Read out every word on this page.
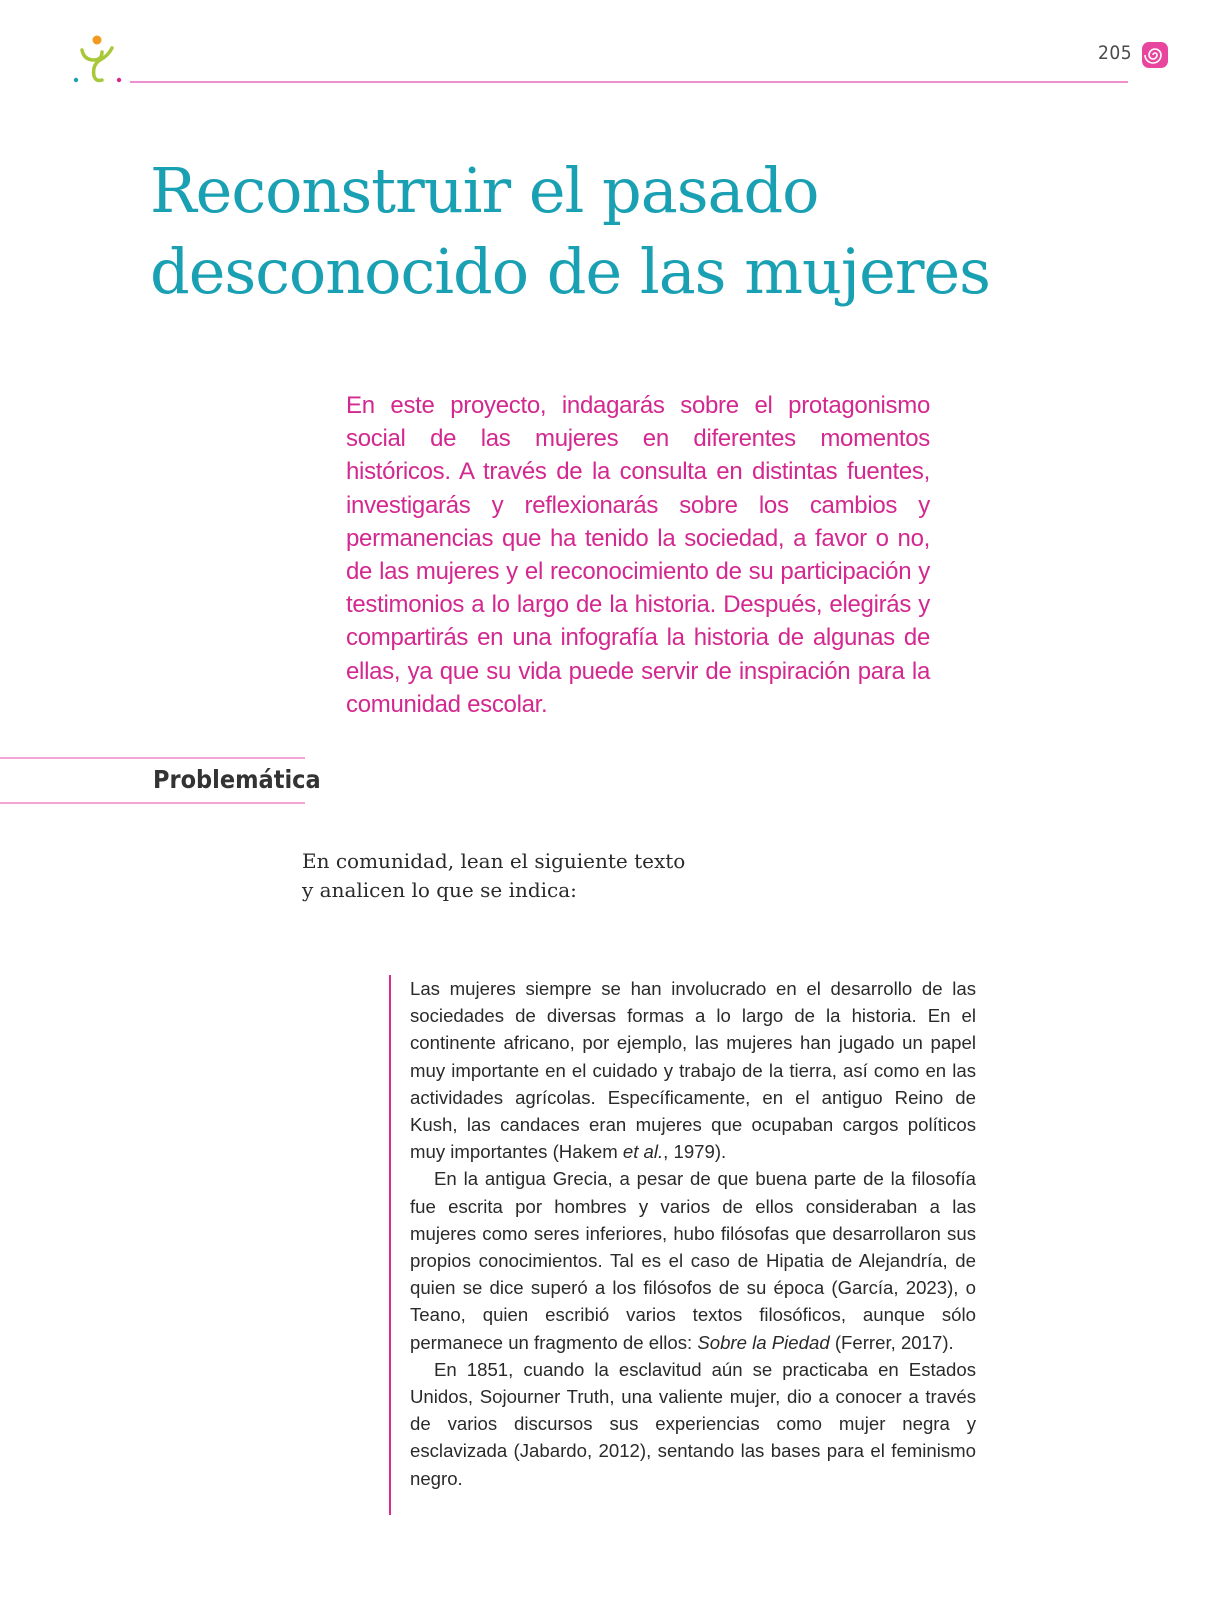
205
Reconstruir el pasado
desconocido de las mujeres

En este proyecto, indagarás sobre el protagonismo social de las mujeres en diferentes momentos históricos. A través de la consulta en distintas fuentes, investigarás y reflexionarás sobre los cambios y permanencias que ha tenido la sociedad, a favor o no, de las mujeres y el reconocimiento de su participación y testimonios a lo largo de la historia. Después, elegirás y compartirás en una infografía la historia de algunas de ellas, ya que su vida puede servir de inspiración para la comunidad escolar.

Problemática

En comunidad, lean el siguiente texto
y analicen lo que se indica:

Las mujeres siempre se han involucrado en el desarrollo de las sociedades de diversas formas a lo largo de la historia. En el continente africano, por ejemplo, las mujeres han jugado un papel muy importante en el cuidado y trabajo de la tierra, así como en las actividades agrícolas. Específicamente, en el antiguo Reino de Kush, las candaces eran mujeres que ocupaban cargos políticos muy importantes (Hakem et al., 1979).

En la antigua Grecia, a pesar de que buena parte de la filosofía fue escrita por hombres y varios de ellos consideraban a las mujeres como seres inferiores, hubo filósofas que desarrollaron sus propios conocimientos. Tal es el caso de Hipatia de Alejandría, de quien se dice superó a los filósofos de su época (García, 2023), o Teano, quien escribió varios textos filosóficos, aunque sólo permanece un fragmento de ellos: Sobre la Piedad (Ferrer, 2017).

En 1851, cuando la esclavitud aún se practicaba en Estados Unidos, Sojourner Truth, una valiente mujer, dio a conocer a través de varios discursos sus experiencias como mujer negra y esclavizada (Jabardo, 2012), sentando las bases para el feminismo negro.
